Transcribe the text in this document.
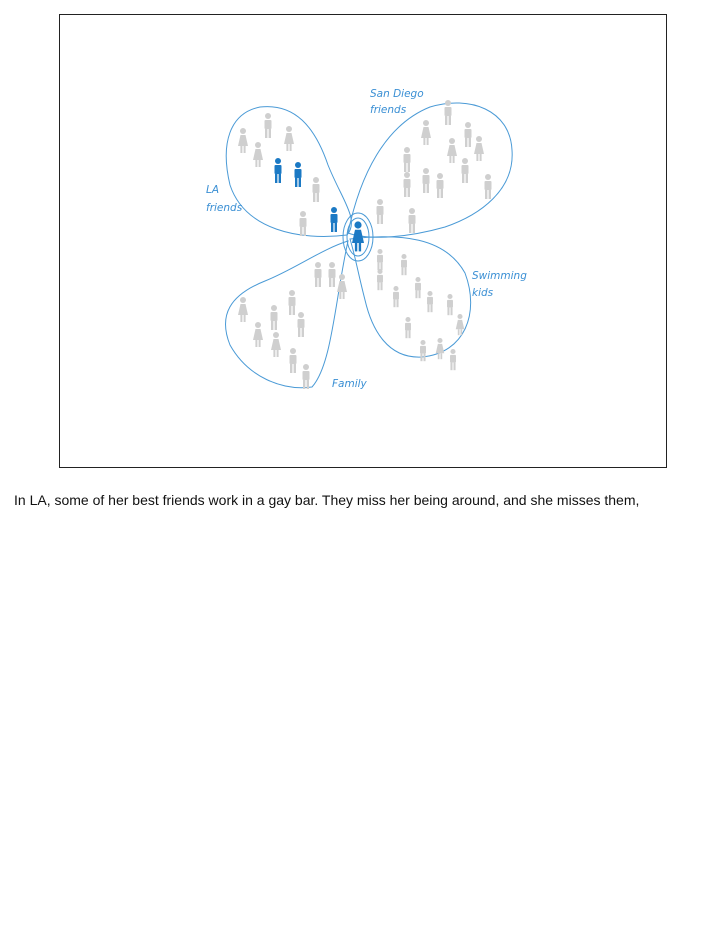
San Diego
friends
LA
friends
Swimming
kids
Family
In LA, some of her best friends work in a gay bar. They miss her being around, and she misses them,
